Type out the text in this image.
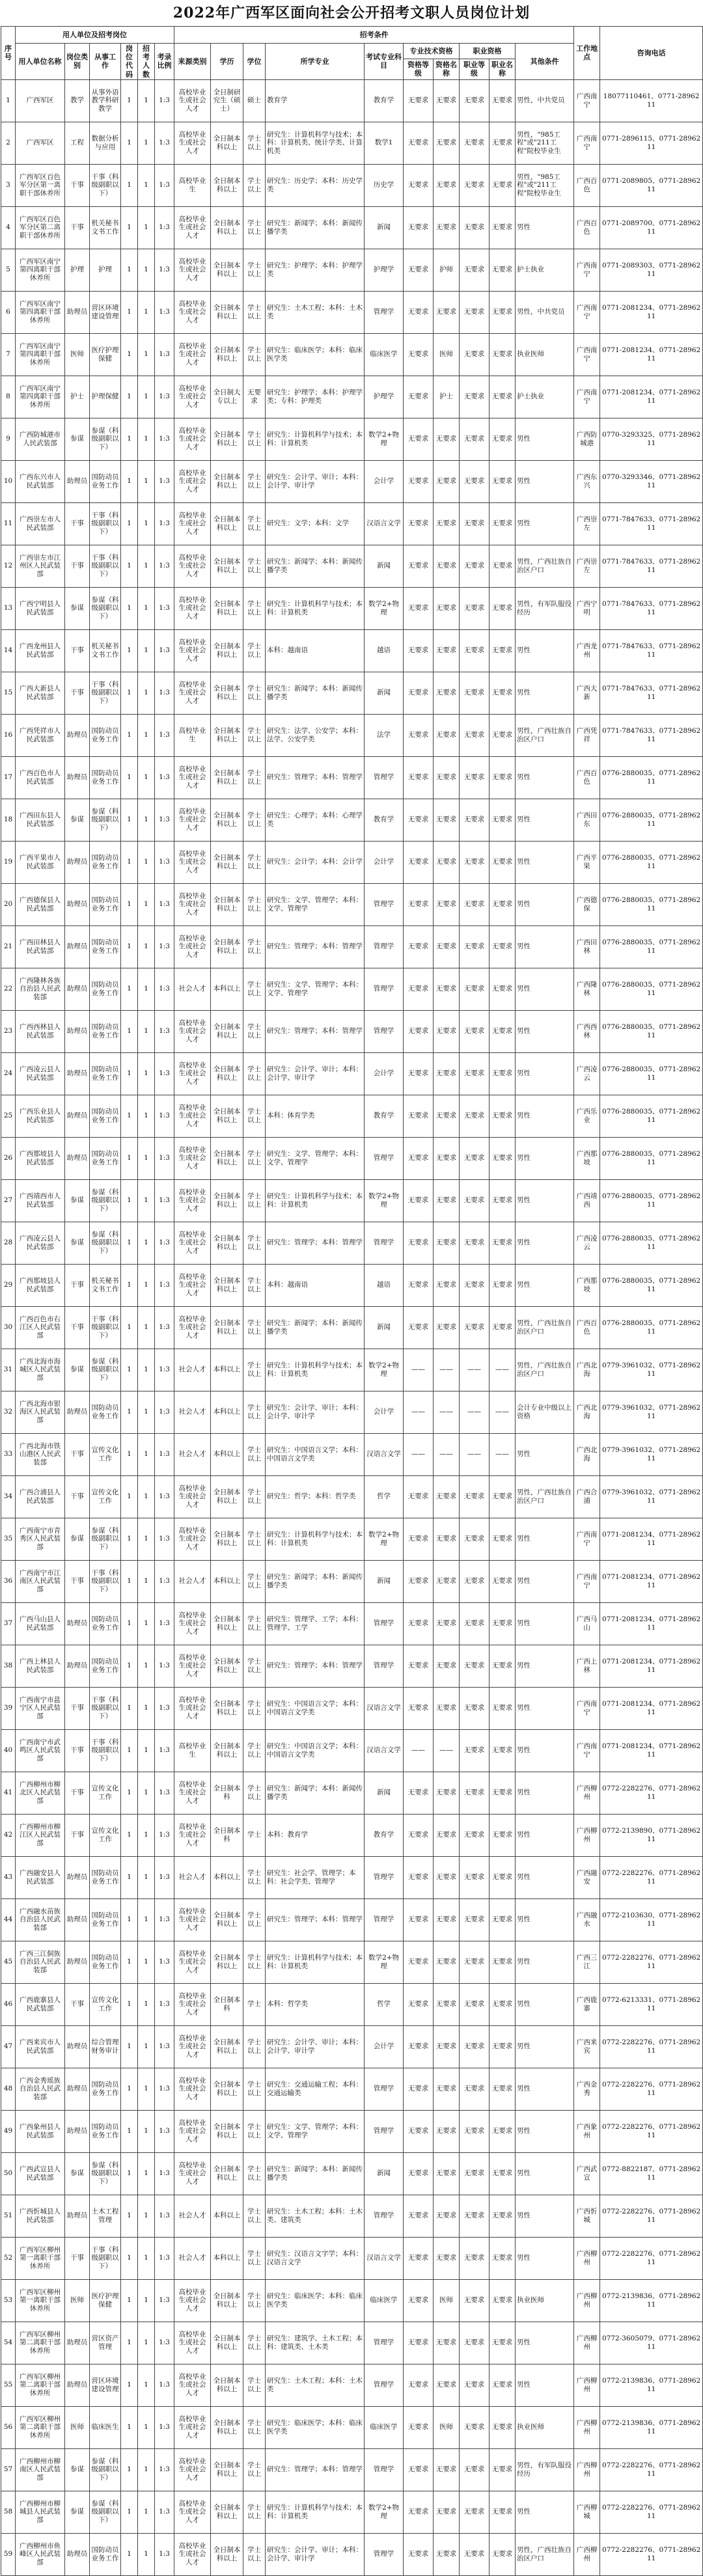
2022年广西军区面向社会公开招考文职人员岗位计划
序号	用人单位及招考岗位						招考条件										工作地点	咨询电话
	用人单位名称	岗位类别	从事工作	岗位代码	招考人数	考录比例	来源类别	学历	学位	所学专业	考试专业科目	专业技术资格		职业资格		其他条件		
												资格等级	资格名称	职业等级	职业名称			
1	广西军区	教学	从事外语教学科研教学	1	1	1:3	高校毕业生或社会人才	全日制研究生（硕士）	硕士	教育学	教育学	无要求	无要求	无要求	无要求	男性，中共党员	广西南宁	18077110461、0771-2896211
2	广西军区	工程	数据分析与应用	1	1	1:3	高校毕业生或社会人才	全日制本科以上	学士以上	研究生：计算机科学与技术；本科：计算机类、统计学类、计算机类	数学1	无要求	无要求	无要求	无要求	男性，"985工程"或"211工程"院校毕业生	广西南宁	0771-2896115、0771-2896211
3	广西军区百色军分区第一离职干部休养所	干事	干事（科级副职以下）	1	1	1:3	高校毕业生	全日制本科以上	学士以上	研究生：历史学；本科：历史学类	历史学	无要求	无要求	无要求	无要求	男性，"985工程"或"211工程"院校毕业生	广西百色	0771-2089805、0771-2896211
4	广西军区百色军分区第二离职干部休养所	干事	机关秘书文书工作	1	1	1:3	高校毕业生或社会人才	全日制本科以上	学士以上	研究生：新闻学；本科：新闻传播学类	新闻	无要求	无要求	无要求	无要求	男性	广西百色	0771-2089700、0771-2896211
5	广西军区南宁第四离职干部休养所	护理	护理	1	1	1:3	高校毕业生或社会人才	全日制本科以上	学士以上	研究生：护理学；本科：护理学类	护理学	无要求	护师	无要求	无要求	护士执业	广西南宁	0771-2089303、0771-2896211
6	广西军区南宁第四离职干部休养所	助理员	营区环境建设管理	1	1	1:3	高校毕业生或社会人才	全日制本科以上	学士以上	研究生：土木工程；本科：土木类	管理学	无要求	无要求	无要求	无要求	男性，中共党员	广西南宁	0771-2081234、0771-2896211
7	广西军区南宁第四离职干部休养所	医师	医疗护理保健	1	1	1:3	高校毕业生或社会人才	全日制本科以上	学士以上	研究生：临床医学；本科：临床医学类	临床医学	无要求	医师	无要求	无要求	执业医师	广西南宁	0771-2081234、0771-2896211
8	广西军区南宁第四离职干部休养所	护士	护理保健	1	1	1:3	高校毕业生或社会人才	全日制大专以上	无要求	研究生：护理学；本科：护理学类；专科：护理类	护理学	无要求	护士	无要求	无要求	护士执业	广西南宁	0771-2081234、0771-2896211
9	广西防城港市人民武装部	参谋	参谋（科级副职以下）	1	1	1:3	高校毕业生或社会人才	全日制本科以上	学士以上	研究生：计算机科学与技术；本科：计算机类	数学2+物理	无要求	无要求	无要求	无要求	男性	广西防城港	0770-3293325、0771-2896211
10	广西东兴市人民武装部	助理员	国防动员业务工作	1	1	1:3	高校毕业生或社会人才	全日制本科以上	学士以上	研究生：会计学、审计；本科：会计学、审计学	会计学	无要求	无要求	无要求	无要求	男性	广西东兴	0770-3293346、0771-2896211
11	广西崇左市人民武装部	干事	干事（科级副职以下）	1	1	1:3	高校毕业生或社会人才	全日制本科以上	学士以上	研究生：文学；本科：文学	汉语言文学	无要求	无要求	无要求	无要求	男性	广西崇左	0771-7847633、0771-2896211
12	广西崇左市江州区人民武装部	干事	干事（科级副职以下）	1	1	1:3	高校毕业生或社会人才	全日制本科以上	学士以上	研究生：新闻学；本科：新闻传播学类	新闻	无要求	无要求	无要求	无要求	男性，广西壮族自治区户口	广西崇左	0771-7847633、0771-2896211
13	广西宁明县人民武装部	参谋	参谋（科级副职以下）	1	1	1:3	高校毕业生或社会人才	全日制本科以上	学士以上	研究生：计算机科学与技术；本科：计算机类	数学2+物理	无要求	无要求	无要求	无要求	男性，有军队服役经历	广西宁明	0771-7847633、0771-2896211
14	广西龙州县人民武装部	干事	机关秘书文书工作	1	1	1:3	高校毕业生或社会人才	全日制本科以上	学士以上	本科：越南语	越语	无要求	无要求	无要求	无要求	男性	广西龙州	0771-7847633、0771-2896211
15	广西大新县人民武装部	干事	干事（科级副职以下）	1	1	1:3	高校毕业生或社会人才	全日制本科以上	学士以上	研究生：新闻学；本科：新闻传播学类	新闻	无要求	无要求	无要求	无要求	男性	广西大新	0771-7847633、0771-2896211
16	广西凭祥市人民武装部	助理员	国防动员业务工作	1	1	1:3	高校毕业生	全日制本科以上	学士以上	研究生：法学、公安学；本科：法学、公安学类	法学	无要求	无要求	无要求	无要求	男性，广西壮族自治区户口	广西凭祥	0771-7847633、0771-2896211
17	广西百色市人民武装部	助理员	国防动员业务工作	1	1	1:3	高校毕业生或社会人才	全日制本科以上	学士以上	研究生：管理学；本科：管理学	管理学	无要求	无要求	无要求	无要求	男性	广西百色	0776-2880035、0771-2896211
18	广西田东县人民武装部	参谋	参谋（科级副职以下）	1	1	1:3	高校毕业生或社会人才	全日制本科以上	学士以上	研究生：心理学；本科：心理学类	教育学	无要求	无要求	无要求	无要求	男性	广西田东	0776-2880035、0771-2896211
19	广西平果市人民武装部	助理员	国防动员业务工作	1	1	1:3	高校毕业生或社会人才	全日制本科以上	学士以上	研究生：会计学；本科：会计学	会计学	无要求	无要求	无要求	无要求	男性	广西平果	0776-2880035、0771-2896211
20	广西德保县人民武装部	助理员	国防动员业务工作	1	1	1:3	高校毕业生或社会人才	全日制本科以上	学士以上	研究生：文学、管理学；本科：文学、管理学	管理学	无要求	无要求	无要求	无要求	男性	广西德保	0776-2880035、0771-2896211
21	广西田林县人民武装部	助理员	国防动员业务工作	1	1	1:3	高校毕业生或社会人才	全日制本科以上	学士以上	研究生：管理学；本科：管理学	管理学	无要求	无要求	无要求	无要求	男性	广西田林	0776-2880035、0771-2896211
22	广西隆林各族自治县人民武装部	助理员	国防动员业务工作	1	1	1:3	社会人才	本科以上	学士以上	研究生：文学、管理学；本科：文学、管理学	管理学	无要求	无要求	无要求	无要求	男性	广西隆林	0776-2880035、0771-2896211
23	广西西林县人民武装部	助理员	国防动员业务工作	1	1	1:3	高校毕业生或社会人才	全日制本科以上	学士以上	研究生：管理学；本科：管理学	管理学	无要求	无要求	无要求	无要求	男性	广西西林	0776-2880035、0771-2896211
24	广西凌云县人民武装部	助理员	国防动员业务工作	1	1	1:3	高校毕业生或社会人才	全日制本科以上	学士以上	研究生：会计学、审计；本科：会计学、审计学	会计学	无要求	无要求	无要求	无要求	男性	广西凌云	0776-2880035、0771-2896211
25	广西乐业县人民武装部	助理员	国防动员业务工作	1	1	1:3	高校毕业生或社会人才	全日制本科以上	学士以上	本科：体育学类	教育学	无要求	无要求	无要求	无要求	男性	广西乐业	0776-2880035、0771-2896211
26	广西那坡县人民武装部	助理员	国防动员业务工作	1	1	1:3	高校毕业生或社会人才	全日制本科以上	学士以上	研究生：文学、管理学；本科：文学、管理学	管理学	无要求	无要求	无要求	无要求	男性	广西那坡	0776-2880035、0771-2896211
27	广西靖西市人民武装部	参谋	参谋（科级副职以下）	1	1	1:3	高校毕业生或社会人才	全日制本科以上	学士以上	研究生：计算机科学与技术；本科：计算机类	数学2+物理	无要求	无要求	无要求	无要求	男性	广西靖西	0776-2880035、0771-2896211
28	广西凌云县人民武装部	参谋	参谋（科级副职以下）	1	1	1:3	高校毕业生或社会人才	全日制本科以上	学士以上	研究生：管理学；本科：管理学	管理学	无要求	无要求	无要求	无要求	男性	广西凌云	0776-2880035、0771-2896211
29	广西那坡县人民武装部	干事	机关秘书文书工作	1	1	1:3	高校毕业生或社会人才	全日制本科以上	学士以上	本科：越南语	越语	无要求	无要求	无要求	无要求	男性	广西那坡	0776-2880035、0771-2896211
30	广西百色市右江区人民武装部	干事	干事（科级副职以下）	1	1	1:3	高校毕业生或社会人才	全日制本科以上	学士以上	研究生：新闻学；本科：新闻传播学类	新闻	无要求	无要求	无要求	无要求	男性，广西壮族自治区户口	广西百色	0776-2880035、0771-2896211
31	广西北海市海城区人民武装部	参谋	参谋（科级副职以下）	1	1	1:3	社会人才	本科以上	学士以上	研究生：计算机科学与技术；本科：计算机类	数学2+物理	——	——	——	——	男性，广西壮族自治区户口	广西北海	0779-3961032、0771-2896211
32	广西北海市银海区人民武装部	助理员	国防动员业务工作	1	1	1:3	社会人才	本科以上	学士以上	研究生：会计学、审计；本科：会计学、审计学	会计学	——	——	——	——	会计专业中级以上资格	广西北海	0779-3961032、0771-2896211
33	广西北海市铁山港区人民武装部	干事	宣传文化工作	1	1	1:3	社会人才	本科以上	学士以上	研究生：中国语言文学；本科：中国语言文学类	汉语言文学	——	——	——	——	男性	广西北海	0779-3961032、0771-2896211
34	广西合浦县人民武装部	干事	宣传文化工作	1	1	1:3	高校毕业生或社会人才	全日制本科以上	学士以上	研究生：哲学；本科：哲学类	哲学	无要求	无要求	无要求	无要求	男性，广西壮族自治区户口	广西合浦	0779-3961032、0771-2896211
35	广西南宁市青秀区人民武装部	参谋	参谋（科级副职以下）	1	1	1:3	高校毕业生或社会人才	全日制本科以上	学士以上	研究生：计算机科学与技术；本科：计算机类	数学2+物理	无要求	无要求	无要求	无要求	男性	广西南宁	0771-2081234、0771-2896211
36	广西南宁市江南区人民武装部	干事	干事（科级副职以下）	1	1	1:3	社会人才	本科以上	学士以上	研究生：新闻学；本科：新闻传播学类	新闻	无要求	无要求	无要求	无要求	男性	广西南宁	0771-2081234、0771-2896211
37	广西马山县人民武装部	助理员	国防动员业务工作	1	1	1:3	高校毕业生或社会人才	全日制本科以上	学士以上	研究生：管理学、工学；本科：管理学、工学	管理学	无要求	无要求	无要求	无要求	男性	广西马山	0771-2081234、0771-2896211
38	广西上林县人民武装部	助理员	国防动员业务工作	1	1	1:3	高校毕业生或社会人才	全日制本科以上	学士以上	研究生：管理学；本科：管理学	管理学	无要求	无要求	无要求	无要求	男性	广西上林	0771-2081234、0771-2896211
39	广西南宁市邕宁区人民武装部	干事	干事（科级副职以下）	1	1	1:3	高校毕业生或社会人才	全日制本科以上	学士以上	研究生：中国语言文学；本科：中国语言文学类	汉语言文学	无要求	无要求	无要求	无要求	男性	广西南宁	0771-2081234、0771-2896211
40	广西南宁市武鸣区人民武装部	干事	干事（科级副职以下）	1	1	1:3	高校毕业生	全日制本科以上	学士以上	研究生：中国语言文学；本科：中国语言文学类	汉语言文学	——	——	无要求	无要求	男性	广西南宁	0771-2081234、0771-2896211
41	广西柳州市柳北区人民武装部	干事	宣传文化工作	1	1	1:3	高校毕业生或社会人才	全日制本科	学士以上	研究生：新闻学；本科：新闻传播学类	新闻	无要求	无要求	无要求	无要求	男性	广西柳州	0772-2282276、0771-2896211
42	广西柳州市柳江区人民武装部	干事	宣传文化工作	1	1	1:3	高校毕业生或社会人才	全日制本科	学士	本科：教育学	教育学	无要求	无要求	无要求	无要求	男性	广西柳州	0772-2139890、0771-2896211
43	广西融安县人民武装部	助理员	国防动员业务工作	1	1	1:3	社会人才	本科以上	学士以上	研究生：社会学、管理学；本科：社会学类、管理学	管理学	无要求	无要求	无要求	无要求	男性	广西融安	0772-2282276、0771-2896211
44	广西融水苗族自治县人民武装部	助理员	国防动员业务工作	1	1	1:3	高校毕业生或社会人才	全日制本科以上	学士以上	研究生：管理学；本科：管理学	管理学	无要求	无要求	无要求	无要求	男性	广西融水	0772-2103630、0771-2896211
45	广西三江侗族自治县人民武装部	助理员	国防动员业务工作	1	1	1:3	高校毕业生或社会人才	全日制本科以上	学士以上	研究生：计算机科学与技术；本科：计算机类	数学2+物理	无要求	无要求	无要求	无要求	男性	广西三江	0772-2282276、0771-2896211
46	广西鹿寨县人民武装部	干事	宣传文化工作	1	1	1:3	高校毕业生或社会人才	全日制本科	学士	本科：哲学类	哲学	无要求	无要求	无要求	无要求	男性	广西鹿寨	0772-6213331、0771-2896211
47	广西来宾市人民武装部	助理员	综合管理财务审计	1	1	1:3	高校毕业生或社会人才	全日制本科以上	学士以上	研究生：会计学、审计；本科：会计学、审计学	会计学	无要求	无要求	无要求	无要求	男性	广西来宾	0772-2282276、0771-2896211
48	广西金秀瑶族自治县人民武装部	助理员	国防动员业务工作	1	1	1:3	高校毕业生或社会人才	全日制本科以上	学士以上	研究生：交通运输工程；本科：交通运输类	管理学	无要求	无要求	无要求	无要求	男性	广西金秀	0772-2282276、0771-2896211
49	广西象州县人民武装部	助理员	国防动员业务工作	1	1	1:3	高校毕业生或社会人才	全日制本科以上	学士以上	研究生：文学、管理学；本科：文学、管理学	管理学	无要求	无要求	无要求	无要求	男性	广西象州	0772-2282276、0771-2896211
50	广西武宣县人民武装部	参谋	参谋（科级副职以下）	1	1	1:3	高校毕业生或社会人才	全日制本科以上	学士以上	研究生：新闻学；本科：新闻传播学类	新闻	无要求	无要求	无要求	无要求	男性	广西武宣	0772-8822187、0771-2896211
51	广西忻城县人民武装部	助理员	土木工程管理	1	1	1:3	社会人才	本科以上	学士以上	研究生：土木工程；本科：土木类、建筑类	管理学	无要求	无要求	无要求	无要求	男性	广西忻城	0772-2282276、0771-2896211
52	广西军区柳州第一离职干部休养所	干事	干事（科级副职以下）	1	1	1:3	社会人才	本科以上	学士以上	研究生：汉语言文字学；本科：汉语言文学	汉语言文学	无要求	无要求	无要求	无要求	男性	广西柳州	0772-2282276、0771-2896211
53	广西军区柳州第一离职干部休养所	医师	医疗护理保健	1	1	1:3	高校毕业生或社会人才	全日制本科以上	学士以上	研究生：临床医学；本科：临床医学类	临床医学	无要求	医师	无要求	无要求	执业医师	广西柳州	0772-2139836、0771-2896211
54	广西军区柳州第二离职干部休养所	助理员	营区资产管理	1	1	1:3	高校毕业生或社会人才	全日制本科以上	学士以上	研究生：建筑学、土木工程；本科：建筑类、土木类	管理学	无要求	无要求	无要求	无要求	男性	广西柳州	0772-3605079、0771-2896211
55	广西军区柳州第二离职干部休养所	助理员	营区环境建设管理	1	1	1:3	高校毕业生或社会人才	全日制本科以上	学士以上	研究生：土木工程；本科：土木类	管理学	无要求	无要求	无要求	无要求	男性	广西柳州	0772-2139836、0771-2896211
56	广西军区柳州第二离职干部休养所	医师	临床医生	1	1	1:3	高校毕业生或社会人才	全日制本科以上	学士以上	研究生：临床医学；本科：临床医学类	临床医学	无要求	医师	无要求	无要求	执业医师	广西柳州	0772-2139836、0771-2896211
57	广西柳州市柳南区人民武装部	参谋	参谋（科级副职以下）	1	1	1:3	高校毕业生或社会人才	全日制本科以上	学士以上	研究生：管理学；本科：管理学	管理学	无要求	无要求	无要求	无要求	男性，有军队服役经历	广西柳州	0772-2282276、0771-2896211
58	广西柳州市柳城县人民武装部	参谋	参谋（科级副职以下）	1	1	1:3	高校毕业生或社会人才	全日制本科以上	学士以上	研究生：计算机科学与技术；本科：计算机类	数学2+物理	无要求	无要求	无要求	无要求	男性	广西柳城	0772-2282276、0771-2896211
59	广西柳州市鱼峰区人民武装部	助理员	国防动员业务工作	1	1	1:3	高校毕业生或社会人才	全日制本科以上	学士以上	研究生：会计学、审计；本科：会计学、审计学	管理学	无要求	无要求	无要求	无要求	男性，广西壮族自治区户口	广西柳州	0772-2282276、0771-2896211
